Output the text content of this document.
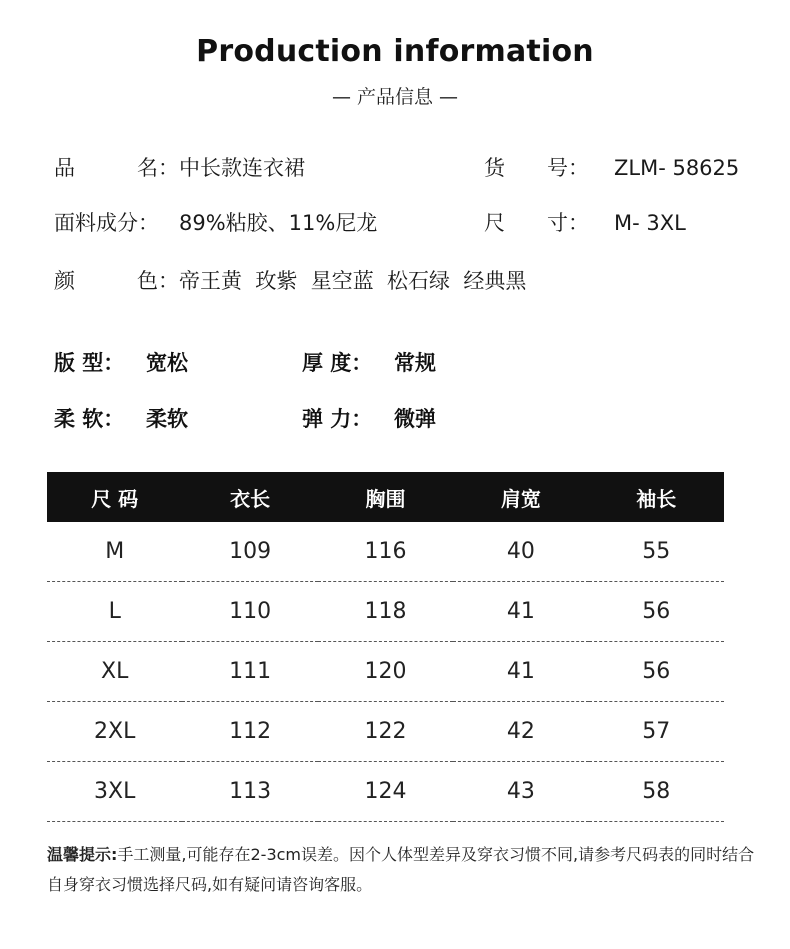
Production information
— 产品信息 —
品	名： 中长款连衣裙
面料成分： 89%粘胶、11%尼龙
颜	色： 帝王黄  玫紫  星空蓝  松石绿  经典黑
货　　号： ZLM- 58625
尺　　寸： M- 3XL
版 型： 宽松	厚 度： 常规
柔 软： 柔软	弹 力： 微弹
尺 码	衣长	胸围	肩宽	袖长
M	109	116	40	55
L	110	118	41	56
XL	111	120	41	56
2XL	112	122	42	57
3XL	113	124	43	58
温馨提示:手工测量,可能存在2-3cm误差。因个人体型差异及穿衣习惯不同,请参考尺码表的同时结合自身穿衣习惯选择尺码,如有疑问请咨询客服。
